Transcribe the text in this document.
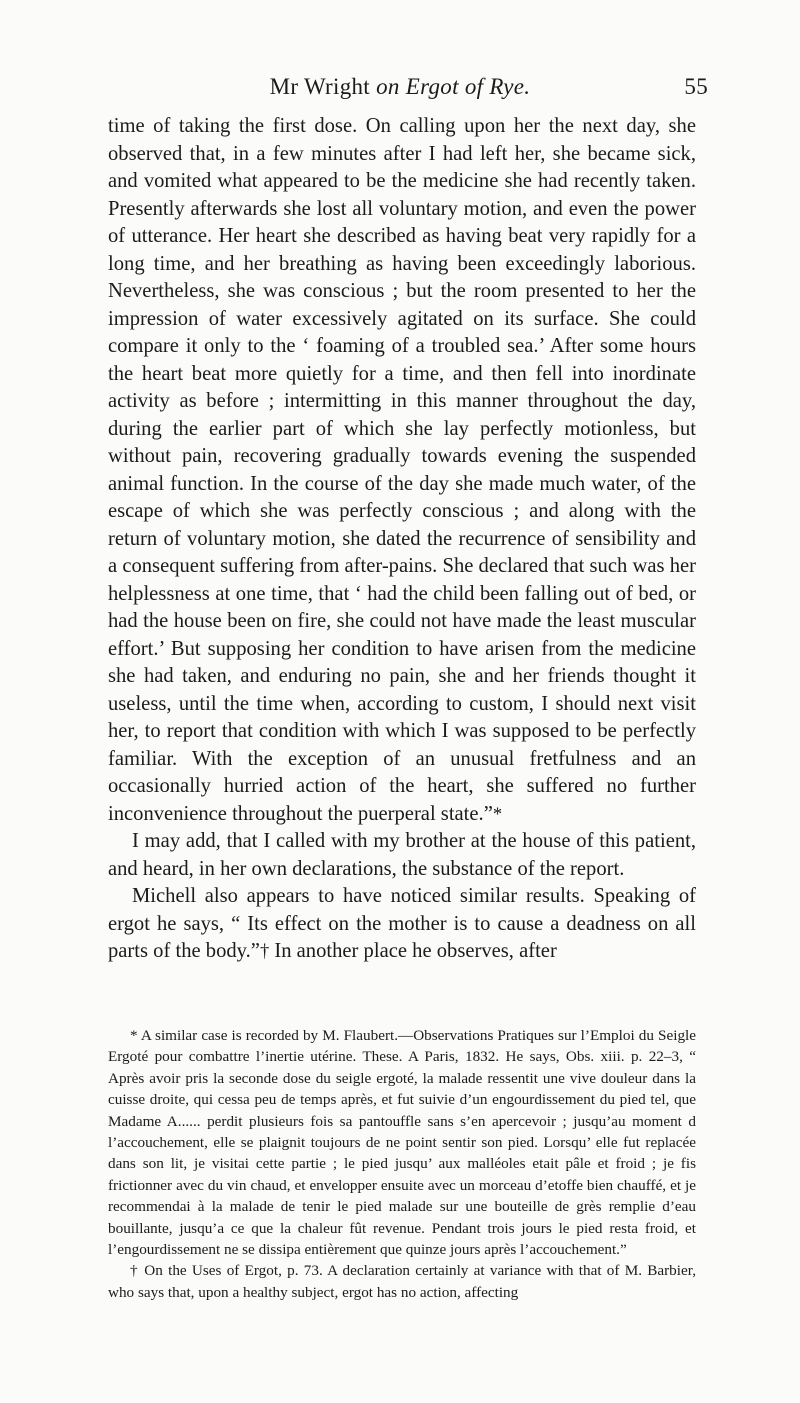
Mr Wright on Ergot of Rye.	55

time of taking the first dose. On calling upon her the next day, she observed that, in a few minutes after I had left her, she became sick, and vomited what appeared to be the medicine she had recently taken. Presently afterwards she lost all voluntary motion, and even the power of utterance. Her heart she described as having beat very rapidly for a long time, and her breathing as having been exceedingly laborious. Nevertheless, she was conscious ; but the room presented to her the impression of water excessively agitated on its surface. She could compare it only to the ‘ foaming of a troubled sea.’ After some hours the heart beat more quietly for a time, and then fell into inordinate activity as before ; intermitting in this manner throughout the day, during the earlier part of which she lay perfectly motionless, but without pain, recovering gradually towards evening the suspended animal function. In the course of the day she made much water, of the escape of which she was perfectly conscious ; and along with the return of voluntary motion, she dated the recurrence of sensibility and a consequent suffering from after-pains. She declared that such was her helplessness at one time, that ‘ had the child been falling out of bed, or had the house been on fire, she could not have made the least muscular effort.’ But supposing her condition to have arisen from the medicine she had taken, and enduring no pain, she and her friends thought it useless, until the time when, according to custom, I should next visit her, to report that condition with which I was supposed to be perfectly familiar. With the exception of an unusual fretfulness and an occasionally hurried action of the heart, she suffered no further inconvenience throughout the puerperal state.”*

I may add, that I called with my brother at the house of this patient, and heard, in her own declarations, the substance of the report.

Michell also appears to have noticed similar results. Speaking of ergot he says, “ Its effect on the mother is to cause a deadness on all parts of the body.”† In another place he observes, after

* A similar case is recorded by M. Flaubert.—Observations Pratiques sur l’Emploi du Seigle Ergoté pour combattre l’inertie utérine. These. A Paris, 1832. He says, Obs. xiii. p. 22–3, “ Après avoir pris la seconde dose du seigle ergoté, la malade ressentit une vive douleur dans la cuisse droite, qui cessa peu de temps après, et fut suivie d’un engourdissement du pied tel, que Madame A...... perdit plusieurs fois sa pantouffle sans s’en apercevoir ; jusqu’au moment d l’accouchement, elle se plaignit toujours de ne point sentir son pied. Lorsqu’ elle fut replacée dans son lit, je visitai cette partie ; le pied jusqu’ aux malléoles etait pâle et froid ; je fis frictionner avec du vin chaud, et envelopper ensuite avec un morceau d’etoffe bien chauffé, et je recommendai à la malade de tenir le pied malade sur une bouteille de grès remplie d’eau bouillante, jusqu’a ce que la chaleur fût revenue. Pendant trois jours le pied resta froid, et l’engourdissement ne se dissipa entièrement que quinze jours après l’accouchement.”

† On the Uses of Ergot, p. 73. A declaration certainly at variance with that of M. Barbier, who says that, upon a healthy subject, ergot has no action, affecting
